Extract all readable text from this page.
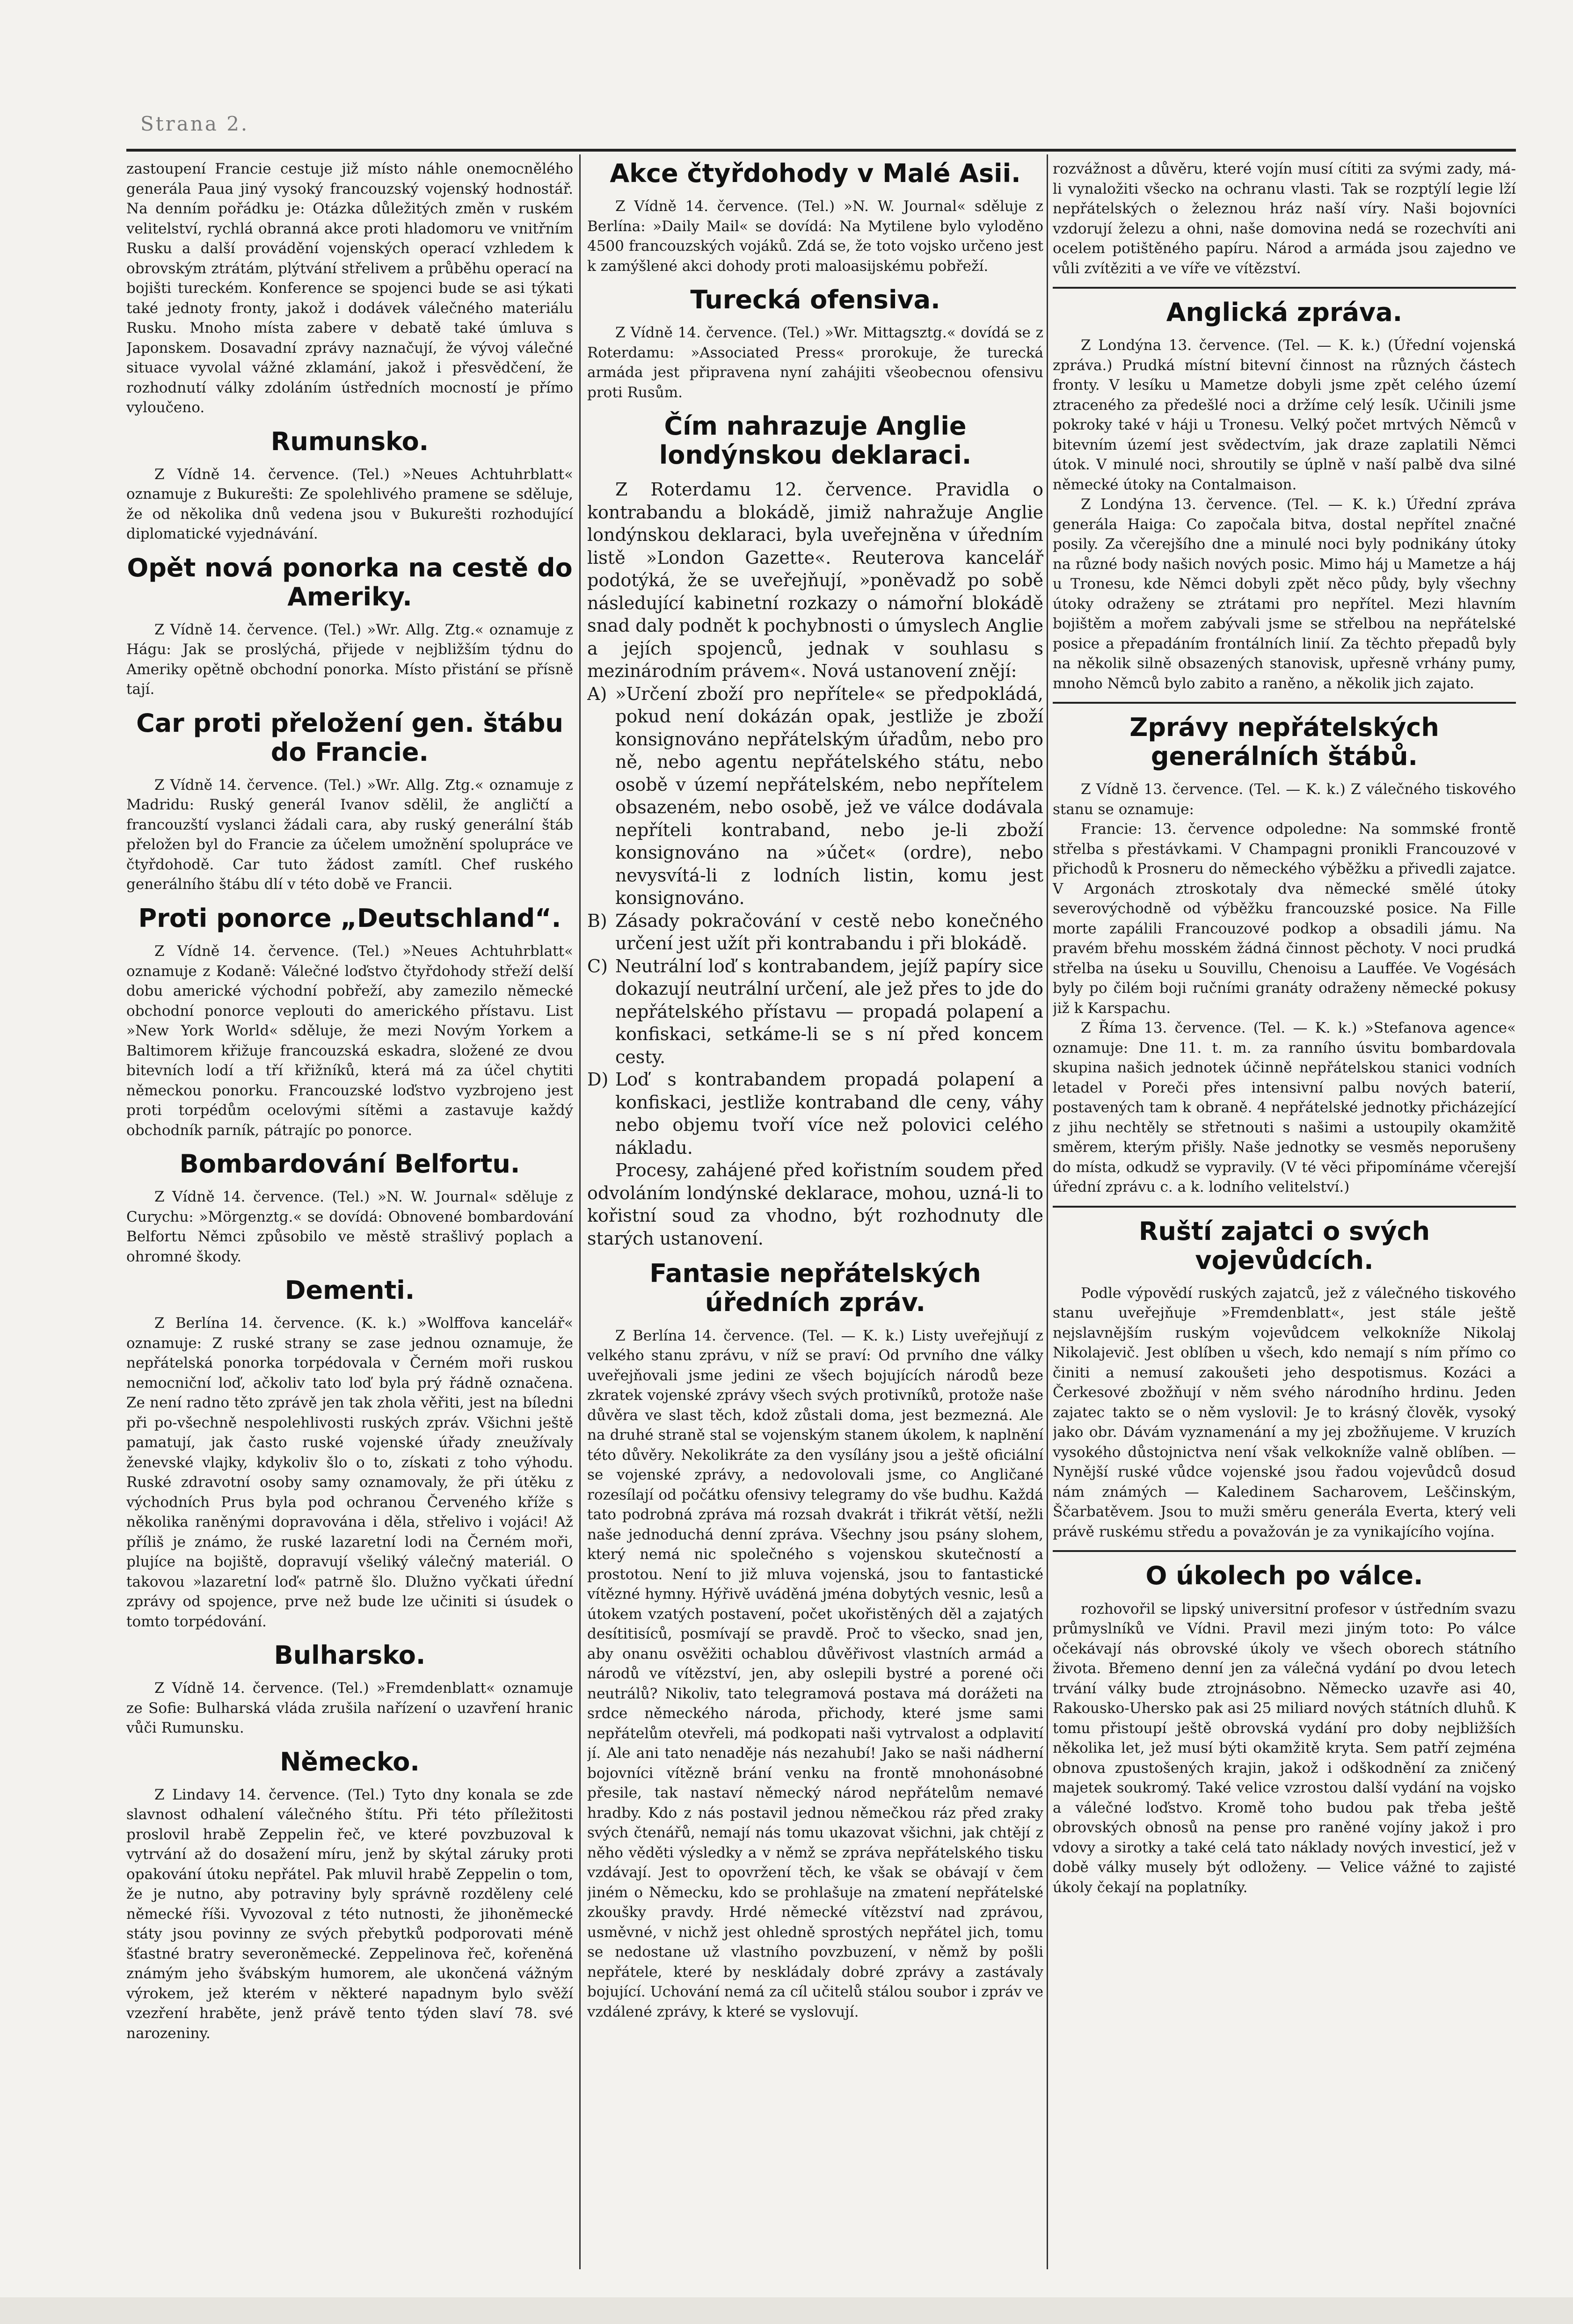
Strana 2.

zastoupení Francie cestuje již místo náhle onemocnělého generála Paua jiný vysoký francouzský vojenský hodnostář. Na denním pořádku je: Otázka důležitých změn v ruském velitelství, rychlá obranná akce proti hladomoru ve vnitřním Rusku a další provádění vojenských operací vzhledem k obrovským ztrátám, plýtvání střelivem a průběhu operací na bojišti tureckém. Konference se spojenci bude se asi týkati také jednoty fronty, jakož i dodávek válečného materiálu Rusku. Mnoho místa zabere v debatě také úmluva s Japonskem. Dosavadní zprávy naznačují, že vývoj válečné situace vyvolal vážné zklamání, jakož i přesvědčení, že rozhodnutí války zdoláním ústředních mocností je přímo vyloučeno.

Rumunsko.

Z Vídně 14. července. (Tel.) »Neues Achtuhrblatt« oznamuje z Bukurešti: Ze spolehlivého pramene se sděluje, že od několika dnů vedena jsou v Bukurešti rozhodující diplomatické vyjednávání.

Opět nová ponorka na cestě do Ameriky.

Z Vídně 14. července. (Tel.) »Wr. Allg. Ztg.« oznamuje z Hágu: Jak se proslýchá, přijede v nejbližším týdnu do Ameriky opětně obchodní ponorka. Místo přistání se přísně tají.

Car proti přeložení gen. štábu do Francie.

Z Vídně 14. července. (Tel.) »Wr. Allg. Ztg.« oznamuje z Madridu: Ruský generál Ivanov sdělil, že angličtí a francouzští vyslanci žádali cara, aby ruský generální štáb přeložen byl do Francie za účelem umožnění spolupráce ve čtyřdohodě. Car tuto žádost zamítl. Chef ruského generálního štábu dlí v této době ve Francii.

Proti ponorce „Deutschland“.

Z Vídně 14. července. (Tel.) »Neues Achtuhrblatt« oznamuje z Kodaně: Válečné loďstvo čtyřdohody střeží delší dobu americké východní pobřeží, aby zamezilo německé obchodní ponorce veplouti do amerického přístavu. List »New York World« sděluje, že mezi Novým Yorkem a Baltimorem křižuje francouzská eskadra, složené ze dvou bitevních lodí a tří křižníků, která má za účel chytiti německou ponorku. Francouzské loďstvo vyzbrojeno jest proti torpédům ocelovými sítěmi a zastavuje každý obchodník parník, pátrajíc po ponorce.

Bombardování Belfortu.

Z Vídně 14. července. (Tel.) »N. W. Journal« sděluje z Curychu: »Mörgenztg.« se dovídá: Obnovené bombardování Belfortu Němci způsobilo ve městě strašlivý poplach a ohromné škody.

Dementi.

Z Berlína 14. července. (K. k.) »Wolffova kancelář« oznamuje: Z ruské strany se zase jednou oznamuje, že nepřátelská ponorka torpédovala v Černém moři ruskou nemocniční loď, ačkoliv tato loď byla prý řádně označena. Ze není radno těto zprávě jen tak zhola věřiti, jest na bíledni při po-všechně nespolehlivosti ruských zpráv. Všichni ještě pamatují, jak často ruské vojenské úřady zneužívaly ženevské vlajky, kdykoliv šlo o to, získati z toho výhodu. Ruské zdravotní osoby samy oznamovaly, že při útěku z východních Prus byla pod ochranou Červeného kříže s několika raněnými dopravována i děla, střelivo i vojáci! Až příliš je známo, že ruské lazaretní lodi na Černém moři, plujíce na bojiště, dopravují všeliký válečný materiál. O takovou »lazaretní loď« patrně šlo. Dlužno vyčkati úřední zprávy od spojence, prve než bude lze učiniti si úsudek o tomto torpédování.

Bulharsko.

Z Vídně 14. července. (Tel.) »Fremdenblatt« oznamuje ze Sofie: Bulharská vláda zrušila nařízení o uzavření hranic vůči Rumunsku.

Německo.

Z Lindavy 14. července. (Tel.) Tyto dny konala se zde slavnost odhalení válečného štítu. Při této příležitosti proslovil hrabě Zeppelin řeč, ve které povzbuzoval k vytrvání až do dosažení míru, jenž by skýtal záruky proti opakování útoku nepřátel. Pak mluvil hrabě Zeppelin o tom, že je nutno, aby potraviny byly správně rozděleny celé německé říši. Vyvozoval z této nutnosti, že jihoněmecké státy jsou povinny ze svých přebytků podporovati méně šťastné bratry severoněmecké. Zeppelinova řeč, kořeněná známým jeho švábským humorem, ale ukončená vážným výrokem, jež kterém v některé napadnym bylo svěží vzezření hraběte, jenž právě tento týden slaví 78. své narozeniny.

Akce čtyřdohody v Malé Asii.

Z Vídně 14. července. (Tel.) »N. W. Journal« sděluje z Berlína: »Daily Mail« se dovídá: Na Mytilene bylo vyloděno 4500 francouzských vojáků. Zdá se, že toto vojsko určeno jest k zamýšlené akci dohody proti maloasijskému pobřeží.

Turecká ofensiva.

Z Vídně 14. července. (Tel.) »Wr. Mittagsztg.« dovídá se z Roterdamu: »Associated Press« prorokuje, že turecká armáda jest připravena nyní zahájiti všeobecnou ofensivu proti Rusům.

Čím nahrazuje Anglie londýnskou deklaraci.

Z Roterdamu 12. července. Pravidla o kontrabandu a blokádě, jimiž nahražuje Anglie londýnskou deklaraci, byla uveřejněna v úředním listě »London Gazette«. Reuterova kancelář podotýká, že se uveřejňují, »poněvadž po sobě následující kabinetní rozkazy o námořní blokádě snad daly podnět k pochybnosti o úmyslech Anglie a jejích spojenců, jednak v souhlasu s mezinárodním právem«. Nová ustanovení znějí:

A) »Určení zboží pro nepřítele« se předpokládá, pokud není dokázán opak, jestliže je zboží konsignováno nepřátelským úřadům, nebo pro ně, nebo agentu nepřátelského státu, nebo osobě v území nepřátelském, nebo nepřítelem obsazeném, nebo osobě, jež ve válce dodávala nepříteli kontraband, nebo je-li zboží konsignováno na »účet« (ordre), nebo nevysvítá-li z lodních listin, komu jest konsignováno.
B) Zásady pokračování v cestě nebo konečného určení jest užít při kontrabandu i při blokádě.
C) Neutrální loď s kontrabandem, jejíž papíry sice dokazují neutrální určení, ale jež přes to jde do nepřátelského přístavu — propadá polapení a konfiskaci, setkáme-li se s ní před koncem cesty.
D) Loď s kontrabandem propadá polapení a konfiskaci, jestliže kontraband dle ceny, váhy nebo objemu tvoří více než polovici celého nákladu.

Procesy, zahájené před kořistním soudem před odvoláním londýnské deklarace, mohou, uzná-li to kořistní soud za vhodno, být rozhodnuty dle starých ustanovení.

Fantasie nepřátelských úředních zpráv.

Z Berlína 14. července. (Tel. — K. k.) Listy uveřejňují z velkého stanu zprávu, v níž se praví: Od prvního dne války uveřejňovali jsme jedini ze všech bojujících národů beze zkratek vojenské zprávy všech svých protivníků, protože naše důvěra ve slast těch, kdož zůstali doma, jest bezmezná. Ale na druhé straně stal se vojenským stanem úkolem, k naplnění této důvěry. Nekolikráte za den vysílány jsou a ještě oficiální se vojenské zprávy, a nedovolovali jsme, co Angličané rozesílají od počátku ofensivy telegramy do vše budhu. Každá tato podrobná zpráva má rozsah dvakrát i třikrát větší, nežli naše jednoduchá denní zpráva. Všechny jsou psány slohem, který nemá nic společného s vojenskou skutečností a prostotou. Není to již mluva vojenská, jsou to fantastické vítězné hymny. Hýřivě uváděná jména dobytých vesnic, lesů a útokem vzatých postavení, počet ukořistěných děl a zajatých desítitisíců, posmívají se pravdě. Proč to všecko, snad jen, aby onanu osvěžiti ochablou důvěřivost vlastních armád a národů ve vítězství, jen, aby oslepili bystré a porené oči neutrálů? Nikoliv, tato telegramová postava má dorážeti na srdce německého národa, přichody, které jsme sami nepřátelům otevřeli, má podkopati naši vytrvalost a odplavití jí. Ale ani tato nenaděje nás nezahubí! Jako se naši nádherní bojovníci vítězně brání venku na frontě mnohonásobné přesile, tak nastaví německý národ nepřátelům nemavé hradby. Kdo z nás postavil jednou němečkou ráz před zraky svých čtenářů, nemají nás tomu ukazovat všichni, jak chtějí z něho věděti výsledky a v němž se zpráva nepřátelského tisku vzdávají. Jest to opovržení těch, ke však se obávají v čem jiném o Německu, kdo se prohlašuje na zmatení nepřátelské zkoušky pravdy. Hrdé německé vítězství nad zprávou, usměvné, v nichž jest ohledně sprostých nepřátel jich, tomu se nedostane už vlastního povzbuzení, v němž by pošli nepřátele, které by neskládaly dobré zprávy a zastávaly bojující. Uchování nemá za cíl učitelů stálou soubor i zpráv ve vzdálené zprávy, k které se vyslovují.

rozvážnost a důvěru, které vojín musí cítiti za svými zady, má-li vynaložiti všecko na ochranu vlasti. Tak se rozptýlí legie lží nepřátelských o železnou hráz naší víry. Naši bojovníci vzdorují železu a ohni, naše domovina nedá se rozechvíti ani ocelem potištěného papíru. Národ a armáda jsou zajedno ve vůli zvítěziti a ve víře ve vítězství.

Anglická zpráva.

Z Londýna 13. července. (Tel. — K. k.) (Úřední vojenská zpráva.) Prudká místní bitevní činnost na různých částech fronty. V lesíku u Mametze dobyli jsme zpět celého území ztraceného za předešlé noci a držíme celý lesík. Učinili jsme pokroky také v háji u Tronesu. Velký počet mrtvých Němců v bitevním území jest svědectvím, jak draze zaplatili Němci útok. V minulé noci, shroutily se úplně v naší palbě dva silné německé útoky na Contalmaison.

Z Londýna 13. července. (Tel. — K. k.) Úřední zpráva generála Haiga: Co započala bitva, dostal nepřítel značné posily. Za včerejšího dne a minulé noci byly podnikány útoky na různé body našich nových posic. Mimo háj u Mametze a háj u Tronesu, kde Němci dobyli zpět něco půdy, byly všechny útoky odraženy se ztrátami pro nepřítel. Mezi hlavním bojištěm a mořem zabývali jsme se střelbou na nepřátelské posice a přepadáním frontálních linií. Za těchto přepadů byly na několik silně obsazených stanovisk, upřesně vrhány pumy, mnoho Němců bylo zabito a raněno, a několik jich zajato.

Zprávy nepřátelských generálních štábů.

Z Vídně 13. července. (Tel. — K. k.) Z válečného tiskového stanu se oznamuje:

Francie: 13. července odpoledne: Na sommské frontě střelba s přestávkami. V Champagni pronikli Francouzové v přichodů k Prosneru do německého výběžku a přivedli zajatce. V Argonách ztroskotaly dva německé smělé útoky severovýchodně od výběžku francouzské posice. Na Fille morte zapálili Francouzové podkop a obsadili jámu. Na pravém břehu mosském žádná činnost pěchoty. V noci prudká střelba na úseku u Souvillu, Chenoisu a Lauffée. Ve Vogésách byly po čilém boji ručními granáty odraženy německé pokusy již k Karspachu.

Z Říma 13. července. (Tel. — K. k.) »Stefanova agence« oznamuje: Dne 11. t. m. za ranního úsvitu bombardovala skupina našich jednotek účinně nepřátelskou stanici vodních letadel v Poreči přes intensivní palbu nových baterií, postavených tam k obraně. 4 nepřátelské jednotky přicházející z jihu nechtěly se střetnouti s našimi a ustoupily okamžitě směrem, kterým přišly. Naše jednotky se vesměs neporušeny do místa, odkudž se vypravily. (V té věci připomínáme včerejší úřední zprávu c. a k. lodního velitelství.)

Ruští zajatci o svých vojevůdcích.

Podle výpovědí ruských zajatců, jež z válečného tiskového stanu uveřejňuje »Fremdenblatt«, jest stále ještě nejslavnějším ruským vojevůdcem velkokníže Nikolaj Nikolajevič. Jest oblíben u všech, kdo nemají s ním přímo co činiti a nemusí zakoušeti jeho despotismus. Kozáci a Čerkesové zbožňují v něm svého národního hrdinu. Jeden zajatec takto se o něm vyslovil: Je to krásný člověk, vysoký jako obr. Dávám vyznamenání a my jej zbožňujeme. V kruzích vysokého důstojnictva není však velkokníže valně oblíben. — Nynější ruské vůdce vojenské jsou řadou vojevůdců dosud nám známých — Kaledinem Sacharovem, Leščinským, Ščarbatěvem. Jsou to muži směru generála Everta, který veli právě ruskému středu a považován je za vynikajícího vojína.

O úkolech po válce.

rozhovořil se lipský universitní profesor v ústředním svazu průmyslníků ve Vídni. Pravil mezi jiným toto: Po válce očekávají nás obrovské úkoly ve všech oborech státního života. Břemeno denní jen za válečná vydání po dvou letech trvání války bude ztrojnásobno. Německo uzavře asi 40, Rakousko-Uhersko pak asi 25 miliard nových státních dluhů. K tomu přistoupí ještě obrovská vydání pro doby nejbližších několika let, jež musí býti okamžitě kryta. Sem patří zejména obnova zpustošených krajin, jakož i odškodnění za zničený majetek soukromý. Také velice vzrostou další vydání na vojsko a válečné loďstvo. Kromě toho budou pak třeba ještě obrovských obnosů na pense pro raněné vojíny jakož i pro vdovy a sirotky a také celá tato náklady nových investicí, jež v době války musely být odloženy. — Velice vážné to zajisté úkoly čekají na poplatníky.
